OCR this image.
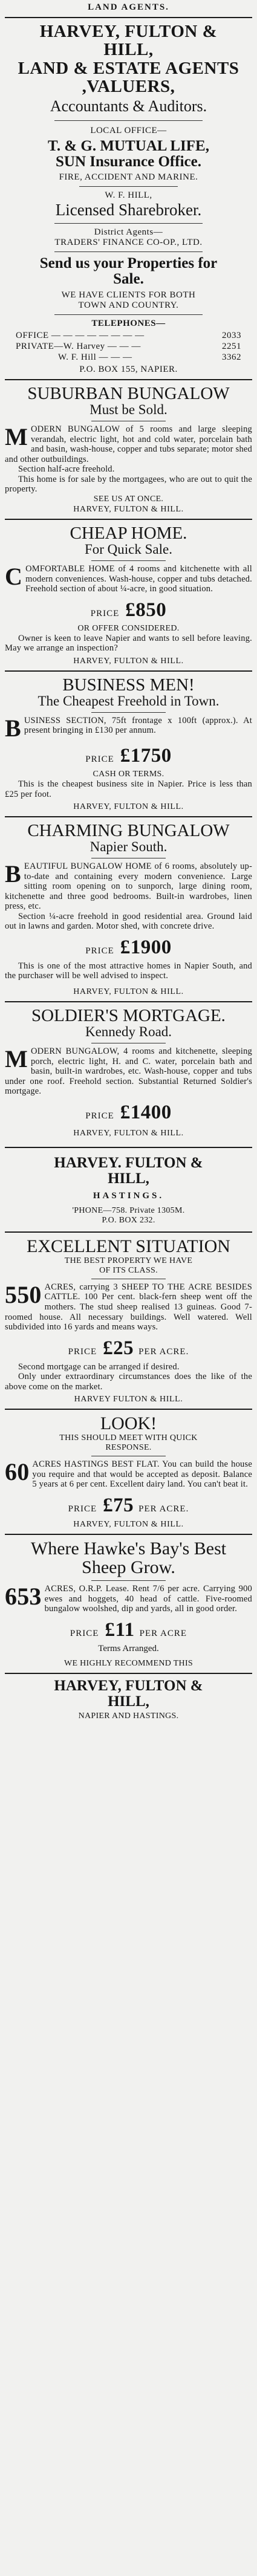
LAND AGENTS.
HARVEY, FULTON &
HILL,
LAND & ESTATE AGENTS
,VALUERS,
Accountants & Auditors.
LOCAL OFFICE—
T. & G. MUTUAL LIFE,
SUN Insurance Office.
FIRE, ACCIDENT AND MARINE.
W. F. HILL,
Licensed Sharebroker.
District Agents—
TRADERS' FINANCE CO-OP., LTD.
Send us your Properties for
Sale.
WE HAVE CLIENTS FOR BOTH
TOWN AND COUNTRY.
TELEPHONES—
OFFICE — — — — — — — —	2033
PRIVATE—W. Harvey — — —	2251
W. F. Hill — — —	3362
P.O. BOX 155, NAPIER.
SUBURBAN BUNGALOW
Must be Sold.
MODERN BUNGALOW of 5 rooms and large sleeping verandah, electric light, hot and cold water, porcelain bath and basin, wash-house, copper and tubs separate; motor shed and other outbuildings.
Section half-acre freehold.
This home is for sale by the mortgagees, who are out to quit the property.
SEE US AT ONCE.
HARVEY, FULTON & HILL.
CHEAP HOME.
For Quick Sale.
COMFORTABLE HOME of 4 rooms and kitchenette with all modern conveniences. Wash-house, copper and tubs detached. Freehold section of about ¼-acre, in good situation.
PRICE £850
OR OFFER CONSIDERED.
Owner is keen to leave Napier and wants to sell before leaving. May we arrange an inspection?
HARVEY, FULTON & HILL.
BUSINESS MEN!
The Cheapest Freehold in Town.
BUSINESS SECTION, 75ft frontage x 100ft (approx.). At present bringing in £130 per annum.
PRICE £1750
CASH OR TERMS.
This is the cheapest business site in Napier. Price is less than £25 per foot.
HARVEY, FULTON & HILL.
CHARMING BUNGALOW
Napier South.
BEAUTIFUL BUNGALOW HOME of 6 rooms, absolutely up-to-date and containing every modern convenience. Large sitting room opening on to sunporch, large dining room, kitchenette and three good bedrooms. Built-in wardrobes, linen press, etc.
Section ¼-acre freehold in good residential area. Ground laid out in lawns and garden. Motor shed, with concrete drive.
PRICE £1900
This is one of the most attractive homes in Napier South, and the purchaser will be well advised to inspect.
HARVEY, FULTON & HILL.
SOLDIER'S MORTGAGE.
Kennedy Road.
MODERN BUNGALOW, 4 rooms and kitchenette, sleeping porch, electric light, H. and C. water, porcelain bath and basin, built-in wardrobes, etc. Wash-house, copper and tubs under one roof. Freehold section. Substantial Returned Soldier's mortgage.
PRICE £1400
HARVEY, FULTON & HILL.
HARVEY. FULTON &
HILL,
HASTINGS.
'PHONE—758. Private 1305M.
P.O. BOX 232.
EXCELLENT SITUATION
THE BEST PROPERTY WE HAVE
OF ITS CLASS.
550 ACRES, carrying 3 SHEEP TO THE ACRE BESIDES CATTLE. 100 Per cent. black-fern sheep went off the mothers. The stud sheep realised 13 guineas. Good 7-roomed house. All necessary buildings. Well watered. Well subdivided into 16 yards and means ways.
PRICE £25 PER ACRE.
Second mortgage can be arranged if desired.
Only under extraordinary circumstances does the like of the above come on the market.
HARVEY FULTON & HILL.
LOOK!
THIS SHOULD MEET WITH QUICK
RESPONSE.
60 ACRES HASTINGS BEST FLAT. You can build the house you require and that would be accepted as deposit. Balance 5 years at 6 per cent. Excellent dairy land. You can't beat it.
PRICE £75 PER ACRE.
HARVEY, FULTON & HILL.
Where Hawke's Bay's Best
Sheep Grow.
653 ACRES, O.R.P. Lease. Rent 7/6 per acre. Carrying 900 ewes and hoggets, 40 head of cattle. Five-roomed bungalow woolshed, dip and yards, all in good order.
PRICE £11 PER ACRE
Terms Arranged.
WE HIGHLY RECOMMEND THIS
HARVEY, FULTON &
HILL,
NAPIER AND HASTINGS.
